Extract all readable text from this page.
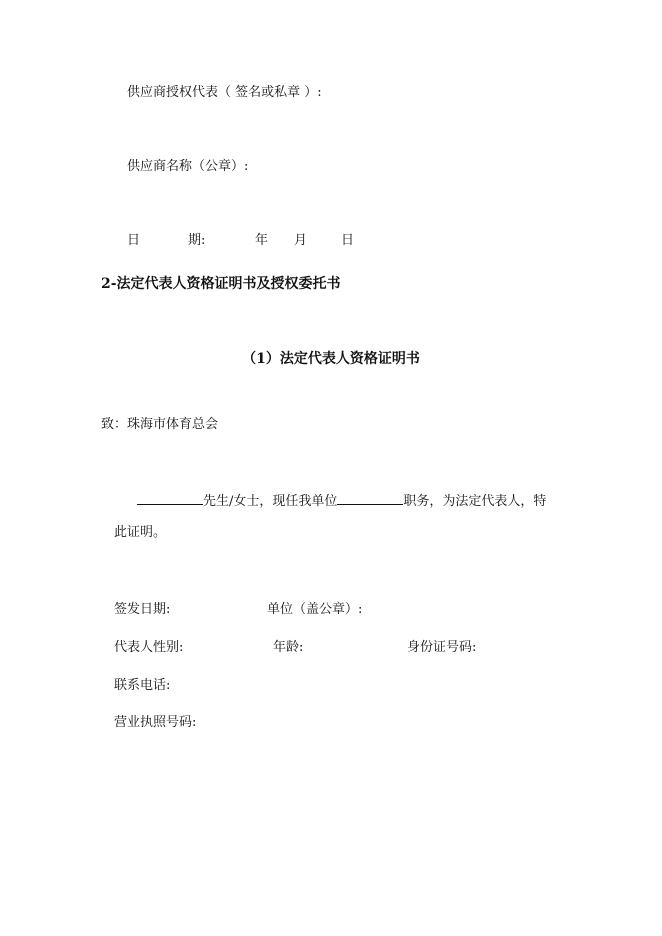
供应商授权代表（ 签名或私章 ）:
供应商名称（公章）:
日	期:	年 月	日
2-法定代表人资格证明书及授权委托书
（1）法定代表人资格证明书
致：珠海市体育总会
先生/女士，现任我单位	职务，为法定代表人，特
此证明。
签发日期:	单位（盖公章）:
代表人性别:	年龄:	身份证号码:
联系电话:
营业执照号码:
